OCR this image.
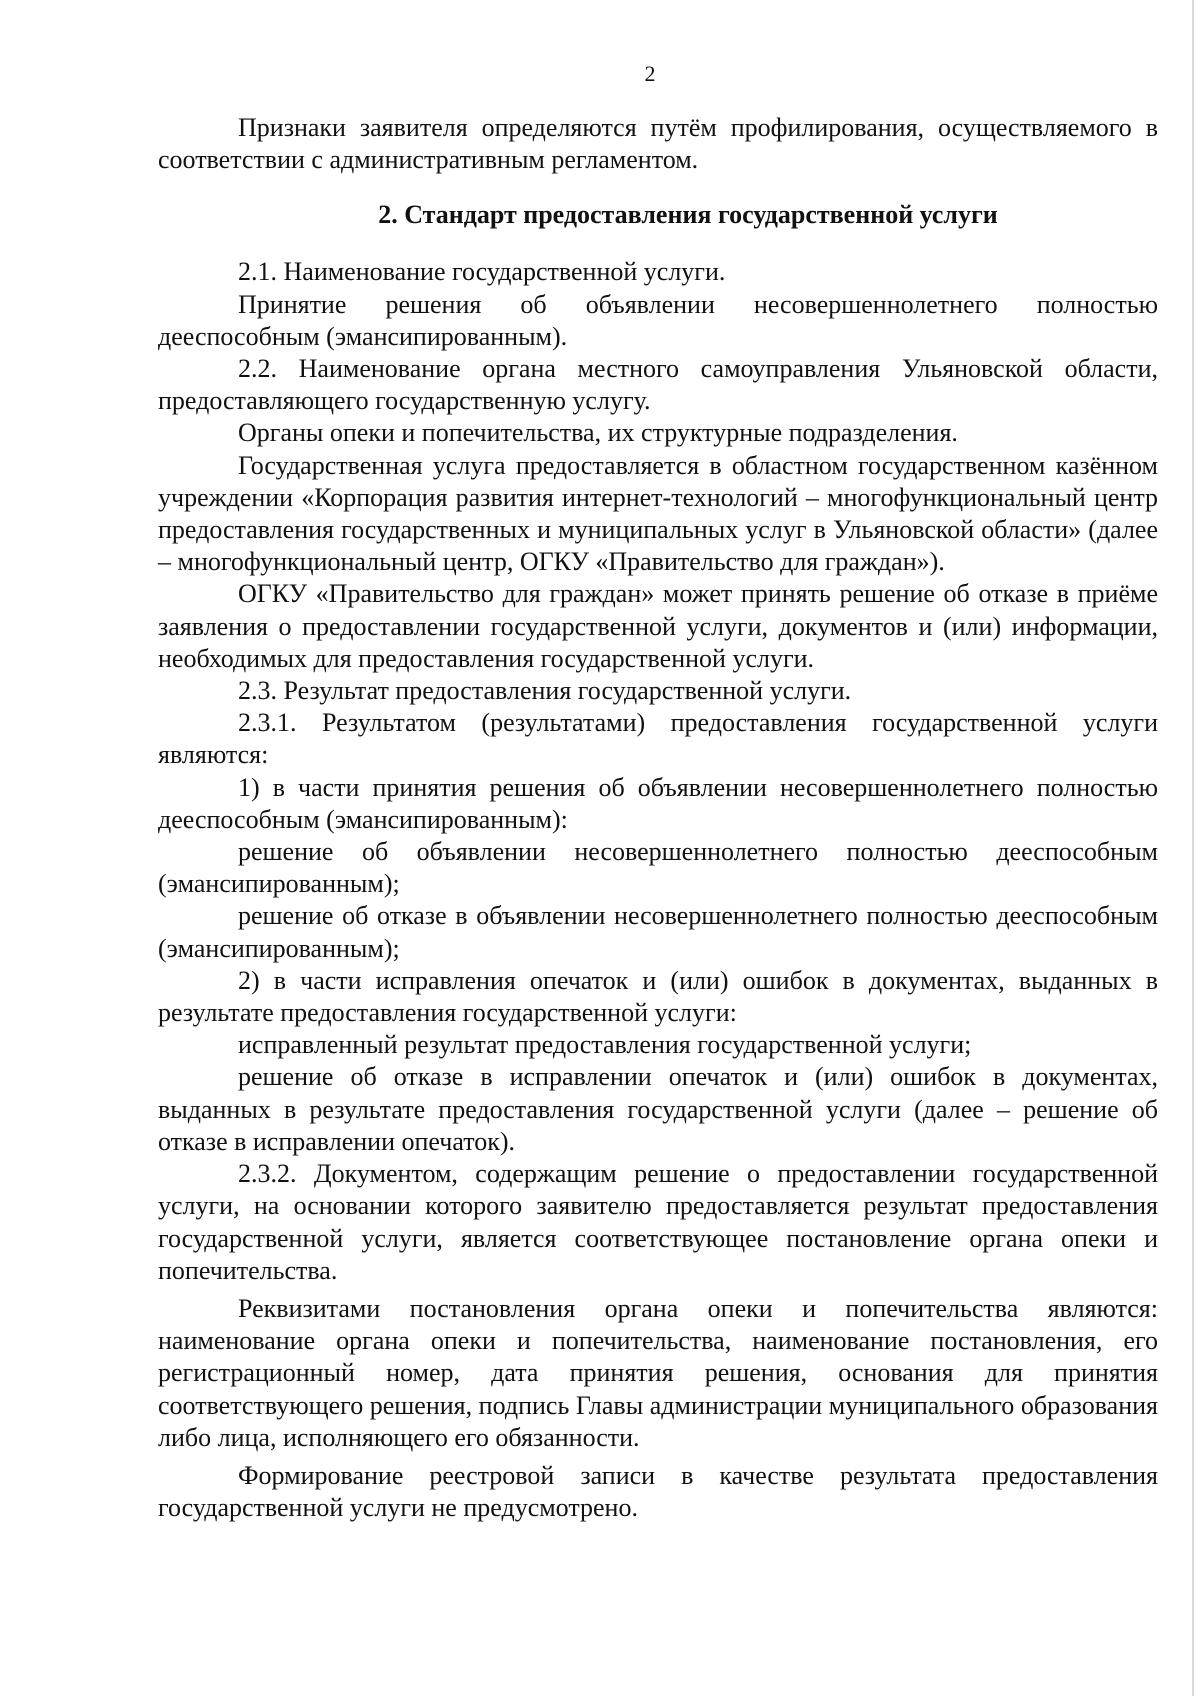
2

Признаки заявителя определяются путём профилирования, осуществляемого в соответствии с административным регламентом.

2. Стандарт предоставления государственной услуги

2.1. Наименование государственной услуги.

Принятие решения об объявлении несовершеннолетнего полностью дееспособным (эмансипированным).

2.2. Наименование органа местного самоуправления Ульяновской области, предоставляющего государственную услугу.

Органы опеки и попечительства, их структурные подразделения.

Государственная услуга предоставляется в областном государственном казённом учреждении «Корпорация развития интернет-технологий – многофункциональный центр предоставления государственных и муниципальных услуг в Ульяновской области» (далее – многофункциональный центр, ОГКУ «Правительство для граждан»).

ОГКУ «Правительство для граждан» может принять решение об отказе в приёме заявления о предоставлении государственной услуги, документов и (или) информации, необходимых для предоставления государственной услуги.

2.3. Результат предоставления государственной услуги.

2.3.1. Результатом (результатами) предоставления государственной услуги являются:

1) в части принятия решения об объявлении несовершеннолетнего полностью дееспособным (эмансипированным):

решение об объявлении несовершеннолетнего полностью дееспособным (эмансипированным);

решение об отказе в объявлении несовершеннолетнего полностью дееспособным (эмансипированным);

2) в части исправления опечаток и (или) ошибок в документах, выданных в результате предоставления государственной услуги:

исправленный результат предоставления государственной услуги;

решение об отказе в исправлении опечаток и (или) ошибок в документах, выданных в результате предоставления государственной услуги (далее – решение об отказе в исправлении опечаток).

2.3.2. Документом, содержащим решение о предоставлении государственной услуги, на основании которого заявителю предоставляется результат предоставления государственной услуги, является соответствующее постановление органа опеки и попечительства.

Реквизитами постановления органа опеки и попечительства являются: наименование органа опеки и попечительства, наименование постановления, его регистрационный номер, дата принятия решения, основания для принятия соответствующего решения, подпись Главы администрации муниципального образования либо лица, исполняющего его обязанности.

Формирование реестровой записи в качестве результата предоставления государственной услуги не предусмотрено.
